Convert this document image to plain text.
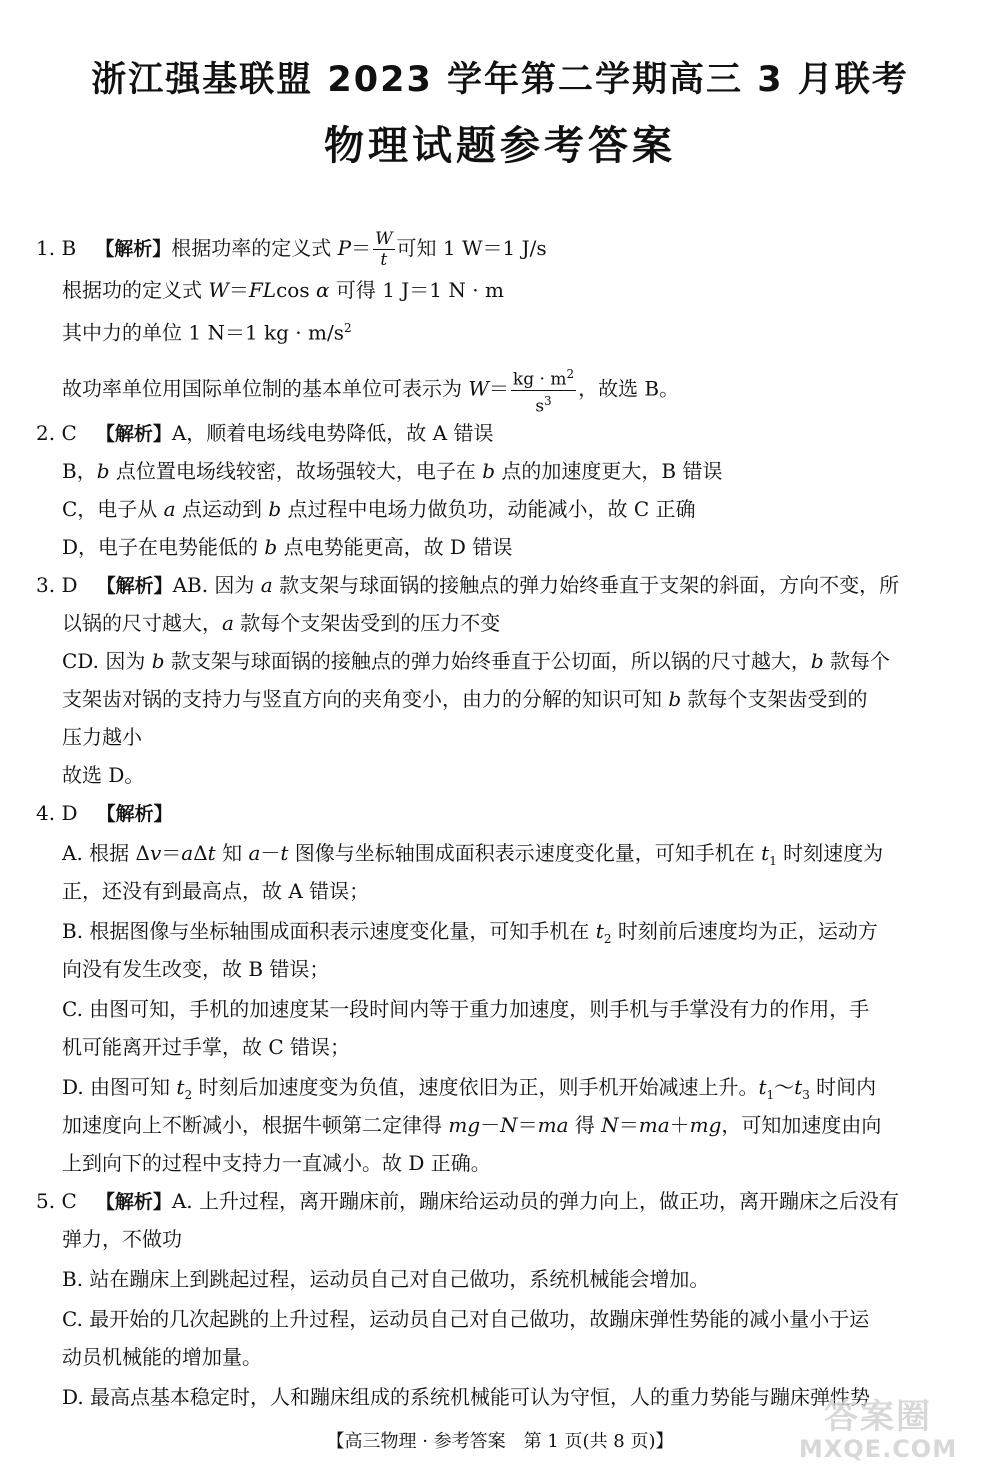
浙江强基联盟 2023 学年第二学期高三 3 月联考
物理试题参考答案
1. B 【解析】根据功率的定义式 $P= \frac{W}{t}$ 可知 1 W＝1 J/s
根据功的定义式 W＝FLcos α 可得 1 J＝1 N · m
其中力的单位 1 N＝1 kg · $m/s^2$
故功率单位用国际单位制的基本单位可表示为 $W= \frac{kg \cdot m^2}{s^3}$ ，故选 B。
2. C 【解析】A，顺着电场线电势降低，故 A 错误
B，b 点位置电场线较密，故场强较大，电子在 b 点的加速度更大，B 错误
C，电子从 a 点运动到 b 点过程中电场力做负功，动能减小，故 C 正确
D，电子在电势能低的 b 点电势能更高，故 D 错误
3. D 【解析】AB. 因为 a 款支架与球面锅的接触点的弹力始终垂直于支架的斜面，方向不变，所
以锅的尺寸越大，a 款每个支架齿受到的压力不变
CD. 因为 b 款支架与球面锅的接触点的弹力始终垂直于公切面，所以锅的尺寸越大，b 款每个
支架齿对锅的支持力与竖直方向的夹角变小，由力的分解的知识可知 b 款每个支架齿受到的
压力越小
故选 D。
4. D 【解析】
A. 根据 Δv＝aΔt 知 a－t 图像与坐标轴围成面积表示速度变化量，可知手机在 $t_1$ 时刻速度为
正，还没有到最高点，故 A 错误；
B. 根据图像与坐标轴围成面积表示速度变化量，可知手机在 $t_2$ 时刻前后速度均为正，运动方
向没有发生改变，故 B 错误；
C. 由图可知，手机的加速度某一段时间内等于重力加速度，则手机与手掌没有力的作用，手
机可能离开过手掌，故 C 错误；
D. 由图可知 $t_2$ 时刻后加速度变为负值，速度依旧为正，则手机开始减速上升。$t_1\sim t_3$ 时间内
加速度向上不断减小，根据牛顿第二定律得 mg－N＝ma 得 N＝ma＋mg，可知加速度由向
上到向下的过程中支持力一直减小。故 D 正确。
5. C 【解析】A. 上升过程，离开蹦床前，蹦床给运动员的弹力向上，做正功，离开蹦床之后没有
弹力，不做功
B. 站在蹦床上到跳起过程，运动员自己对自己做功，系统机械能会增加。
C. 最开始的几次起跳的上升过程，运动员自己对自己做功，故蹦床弹性势能的减小量小于运
动员机械能的增加量。
D. 最高点基本稳定时，人和蹦床组成的系统机械能可认为守恒，人的重力势能与蹦床弹性势
【高三物理 · 参考答案　第 1 页(共 8 页)】
答案圈
MXQE.COM
